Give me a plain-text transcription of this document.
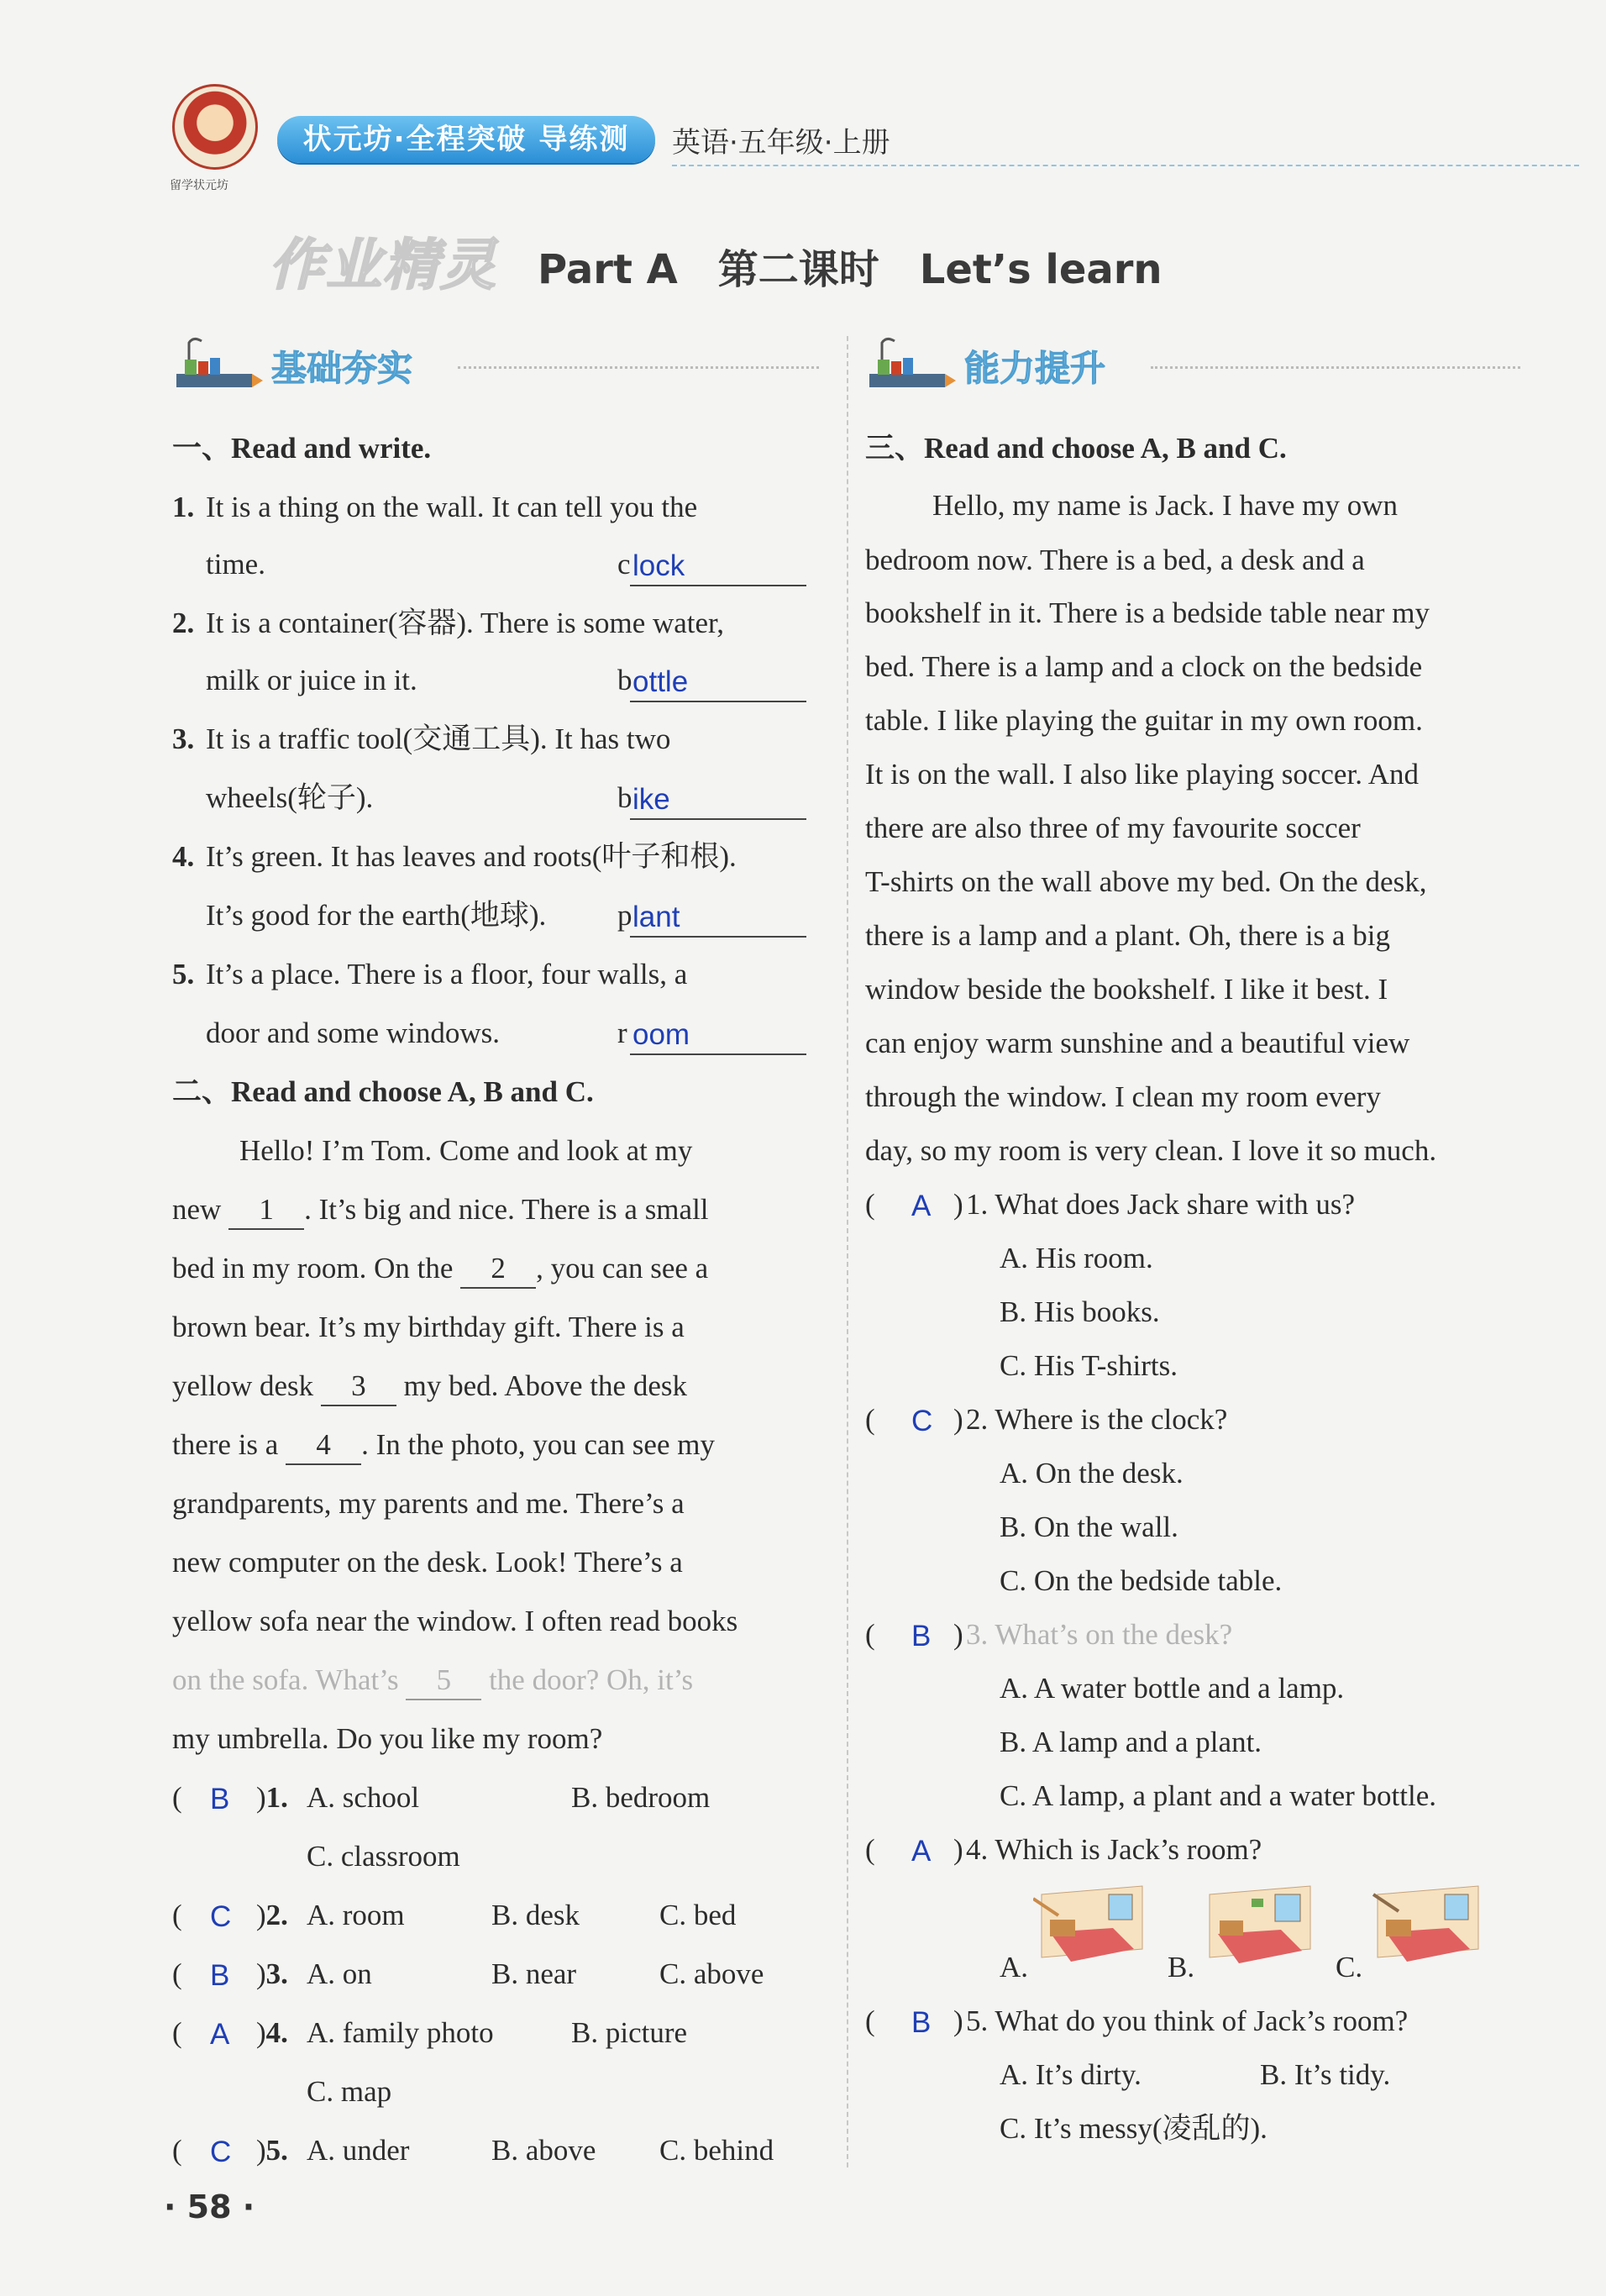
留学状元坊
状元坊·全程突破 导练测	英语·五年级·上册
作业精灵 Part A　第二课时　Let’s learn
基础夯实	能力提升
一、Read and write.
1. It is a thing on the wall. It can tell you the
time.	c lock
2. It is a container(容器). There is some water,
milk or juice in it.	b ottle
3. It is a traffic tool(交通工具). It has two
wheels(轮子).	b ike
4. It’s green. It has leaves and roots(叶子和根).
It’s good for the earth(地球). p lant
5. It’s a place. There is a floor, four walls, a
door and some windows.	r oom
二、Read and choose A, B and C.
Hello! I’m Tom. Come and look at my
new 1 . It’s big and nice. There is a small
bed in my room. On the 2 , you can see a
brown bear. It’s my birthday gift. There is a
yellow desk 3 my bed. Above the desk
there is a 4 . In the photo, you can see my
grandparents, my parents and me. There’s a
new computer on the desk. Look! There’s a
yellow sofa near the window. I often read books
on the sofa. What’s 5 the door? Oh, it’s
my umbrella. Do you like my room?
( B )1. A. school	B. bedroom
C. classroom
( C )2. A. room	B. desk	C. bed
( B )3. A. on	B. near	C. above
( A )4. A. family photo	B. picture
C. map
( C )5. A. under	B. above C. behind
三、Read and choose A, B and C.
Hello, my name is Jack. I have my own
bedroom now. There is a bed, a desk and a
bookshelf in it. There is a bedside table near my
bed. There is a lamp and a clock on the bedside
table. I like playing the guitar in my own room.
It is on the wall. I also like playing soccer. And
there are also three of my favourite soccer
T-shirts on the wall above my bed. On the desk,
there is a lamp and a plant. Oh, there is a big
window beside the bookshelf. I like it best. I
can enjoy warm sunshine and a beautiful view
through the window. I clean my room every
day, so my room is very clean. I love it so much.
( A ) 1. What does Jack share with us?
A. His room.
B. His books.
C. His T-shirts.
( C ) 2. Where is the clock?
A. On the desk.
B. On the wall.
C. On the bedside table.
( B ) 3. What’s on the desk?
A. A water bottle and a lamp.
B. A lamp and a plant.
C. A lamp, a plant and a water bottle.
( A ) 4. Which is Jack’s room?
A.	B.	C.
( B ) 5. What do you think of Jack’s room?
A. It’s dirty.	B. It’s tidy.
C. It’s messy(凌乱的).
· 58 ·
